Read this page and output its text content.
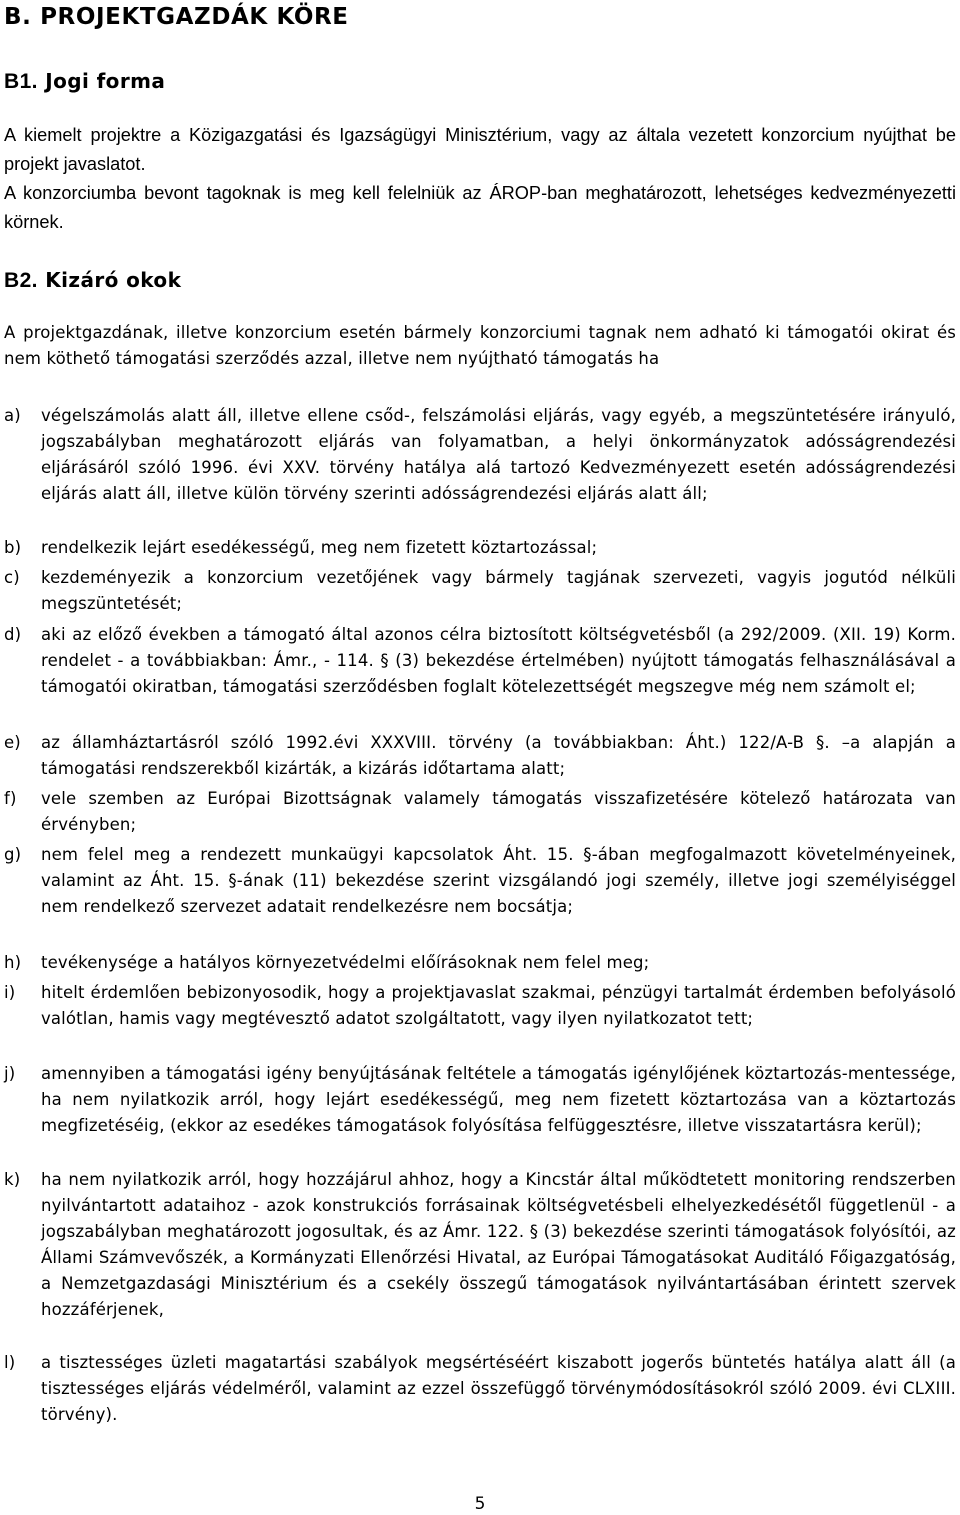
B. PROJEKTGAZDÁK KÖRE
B1. Jogi forma

A kiemelt projektre a Közigazgatási és Igazságügyi Minisztérium, vagy az általa vezetett konzorcium nyújthat be projekt javaslatot.

A konzorciumba bevont tagoknak is meg kell felelniük az ÁROP-ban meghatározott, lehetséges kedvezményezetti körnek.

B2. Kizáró okok

A projektgazdának, illetve konzorcium esetén bármely konzorciumi tagnak nem adható ki támogatói okirat és nem köthető támogatási szerződés azzal, illetve nem nyújtható támogatás ha

a)	végelszámolás alatt áll, illetve ellene csőd-, felszámolási eljárás, vagy egyéb, a megszüntetésére irányuló, jogszabályban meghatározott eljárás van folyamatban, a helyi önkormányzatok adósságrendezési eljárásáról szóló 1996. évi XXV. törvény hatálya alá tartozó Kedvezményezett esetén adósságrendezési eljárás alatt áll, illetve külön törvény szerinti adósságrendezési eljárás alatt áll;
b)	rendelkezik lejárt esedékességű, meg nem fizetett köztartozással;
c)	kezdeményezik a konzorcium vezetőjének vagy bármely tagjának szervezeti, vagyis jogutód nélküli megszüntetését;
d)	aki az előző években a támogató által azonos célra biztosított költségvetésből (a 292/2009. (XII. 19) Korm. rendelet - a továbbiakban: Ámr., - 114. § (3) bekezdése értelmében) nyújtott támogatás felhasználásával a támogatói okiratban, támogatási szerződésben foglalt kötelezettségét megszegve még nem számolt el;
e)	az államháztartásról szóló 1992.évi XXXVIII. törvény (a továbbiakban: Áht.) 122/A-B §. –a alapján a támogatási rendszerekből kizárták, a kizárás időtartama alatt;
f)	vele szemben az Európai Bizottságnak valamely támogatás visszafizetésére kötelező határozata van érvényben;
g)	nem felel meg a rendezett munkaügyi kapcsolatok Áht. 15. §-ában megfogalmazott követelményeinek, valamint az Áht. 15. §-ának (11) bekezdése szerint vizsgálandó jogi személy, illetve jogi személyiséggel nem rendelkező szervezet adatait rendelkezésre nem bocsátja;
h)	tevékenysége a hatályos környezetvédelmi előírásoknak nem felel meg;
i)	hitelt érdemlően bebizonyosodik, hogy a projektjavaslat szakmai, pénzügyi tartalmát érdemben befolyásoló valótlan, hamis vagy megtévesztő adatot szolgáltatott, vagy ilyen nyilatkozatot tett;
j)	amennyiben a támogatási igény benyújtásának feltétele a támogatás igénylőjének köztartozás-mentessége, ha nem nyilatkozik arról, hogy lejárt esedékességű, meg nem fizetett köztartozása van a köztartozás megfizetéséig, (ekkor az esedékes támogatások folyósítása felfüggesztésre, illetve visszatartásra kerül);
k)	ha nem nyilatkozik arról, hogy hozzájárul ahhoz, hogy a Kincstár által működtetett monitoring rendszerben nyilvántartott adataihoz - azok konstrukciós forrásainak költségvetésbeli elhelyezkedésétől függetlenül - a jogszabályban meghatározott jogosultak, és az Ámr. 122. § (3) bekezdése szerinti támogatások folyósítói, az Állami Számvevőszék, a Kormányzati Ellenőrzési Hivatal, az Európai Támogatásokat Auditáló Főigazgatóság, a Nemzetgazdasági Minisztérium és a csekély összegű támogatások nyilvántartásában érintett szervek hozzáférjenek,
l)	a tisztességes üzleti magatartási szabályok megsértéséért kiszabott jogerős büntetés hatálya alatt áll (a tisztességes eljárás védelméről, valamint az ezzel összefüggő törvénymódosításokról szóló 2009. évi CLXIII. törvény).
5
